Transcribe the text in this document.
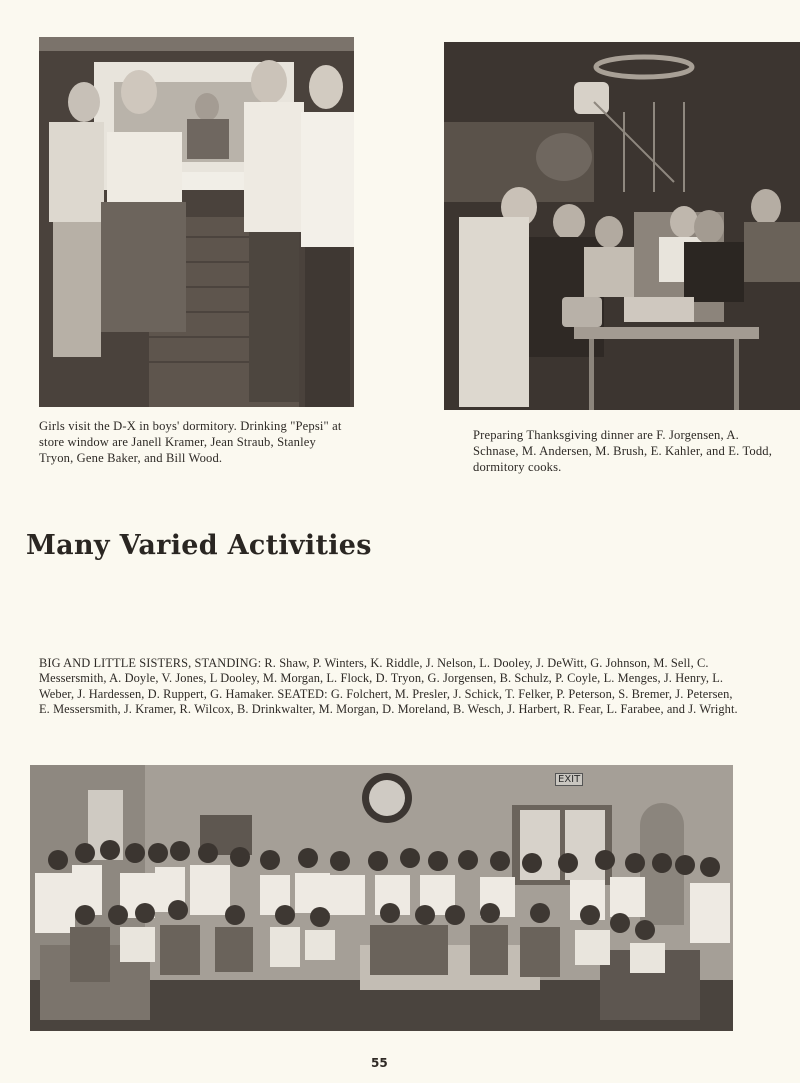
Girls visit the D-X in boys' dormitory. Drinking "Pepsi" at store window are Janell Kramer, Jean Straub, Stanley Tryon, Gene Baker, and Bill Wood.
Preparing Thanksgiving dinner are F. Jorgensen, A. Schnase, M. Andersen, M. Brush, E. Kahler, and E. Todd, dormitory cooks.
Many Varied Activities
BIG AND LITTLE SISTERS, STANDING: R. Shaw, P. Winters, K. Riddle, J. Nelson, L. Dooley, J. DeWitt, G. Johnson, M. Sell, C. Messersmith, A. Doyle, V. Jones, L Dooley, M. Morgan, L. Flock, D. Tryon, G. Jorgensen, B. Schulz, P. Coyle, L. Menges, J. Henry, L. Weber, J. Hardessen, D. Ruppert, G. Hamaker. SEATED: G. Folchert, M. Presler, J. Schick, T. Felker, P. Peterson, S. Bremer, J. Petersen, E. Messersmith, J. Kramer, R. Wilcox, B. Drinkwalter, M. Morgan, D. Moreland, B. Wesch, J. Harbert, R. Fear, L. Farabee, and J. Wright.
EXIT
55
